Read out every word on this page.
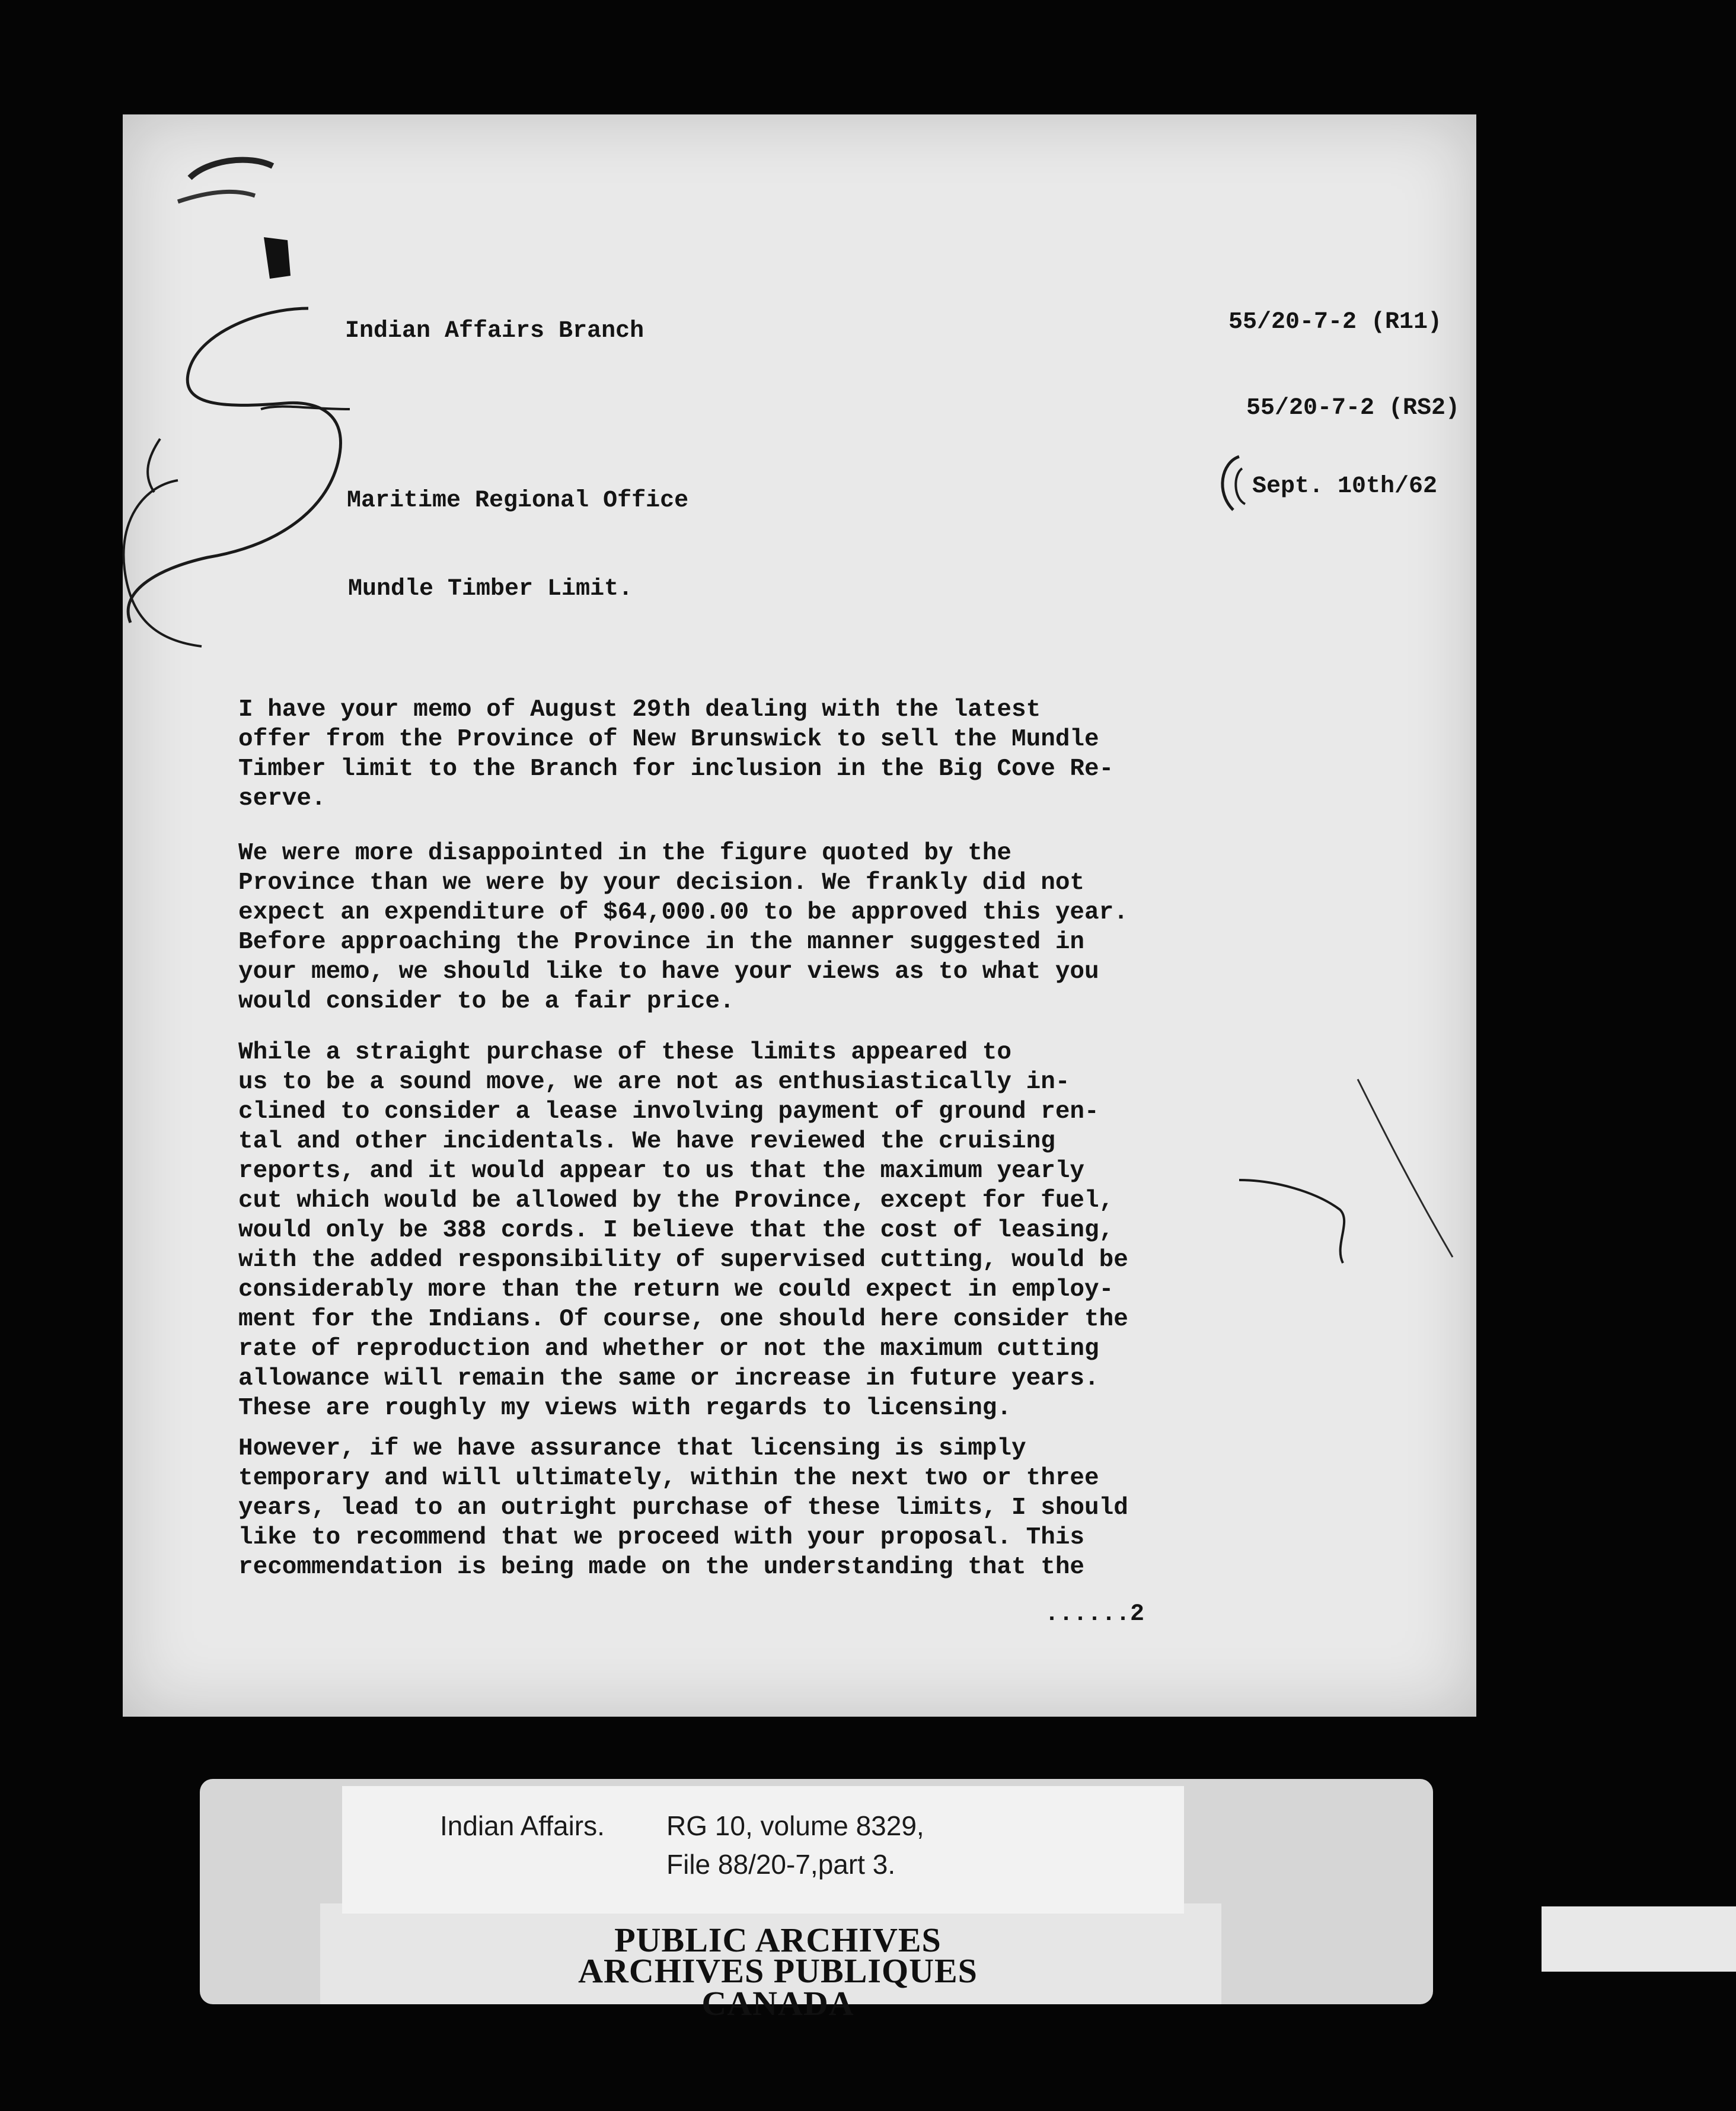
Indian Affairs Branch	55/20-7-2 (R11)
55/20-7-2 (RS2)
Sept. 10th/62
Maritime Regional Office
Mundle Timber Limit.
I have your memo of August 29th dealing with the latest
offer from the Province of New Brunswick to sell the Mundle
Timber limit to the Branch for inclusion in the Big Cove Re-
serve.
We were more disappointed in the figure quoted by the
Province than we were by your decision. We frankly did not
expect an expenditure of $64,000.00 to be approved this year.
Before approaching the Province in the manner suggested in
your memo, we should like to have your views as to what you
would consider to be a fair price.
While a straight purchase of these limits appeared to
us to be a sound move, we are not as enthusiastically in-
clined to consider a lease involving payment of ground ren-
tal and other incidentals. We have reviewed the cruising
reports, and it would appear to us that the maximum yearly
cut which would be allowed by the Province, except for fuel,
would only be 388 cords. I believe that the cost of leasing,
with the added responsibility of supervised cutting, would be
considerably more than the return we could expect in employ-
ment for the Indians. Of course, one should here consider the
rate of reproduction and whether or not the maximum cutting
allowance will remain the same or increase in future years.
These are roughly my views with regards to licensing.
However, if we have assurance that licensing is simply
temporary and will ultimately, within the next two or three
years, lead to an outright purchase of these limits, I should
like to recommend that we proceed with your proposal. This
recommendation is being made on the understanding that the
......2
Indian Affairs. RG 10, volume 8329,
File 88/20-7,part 3.
PUBLIC ARCHIVES
ARCHIVES PUBLIQUES
CANADA
